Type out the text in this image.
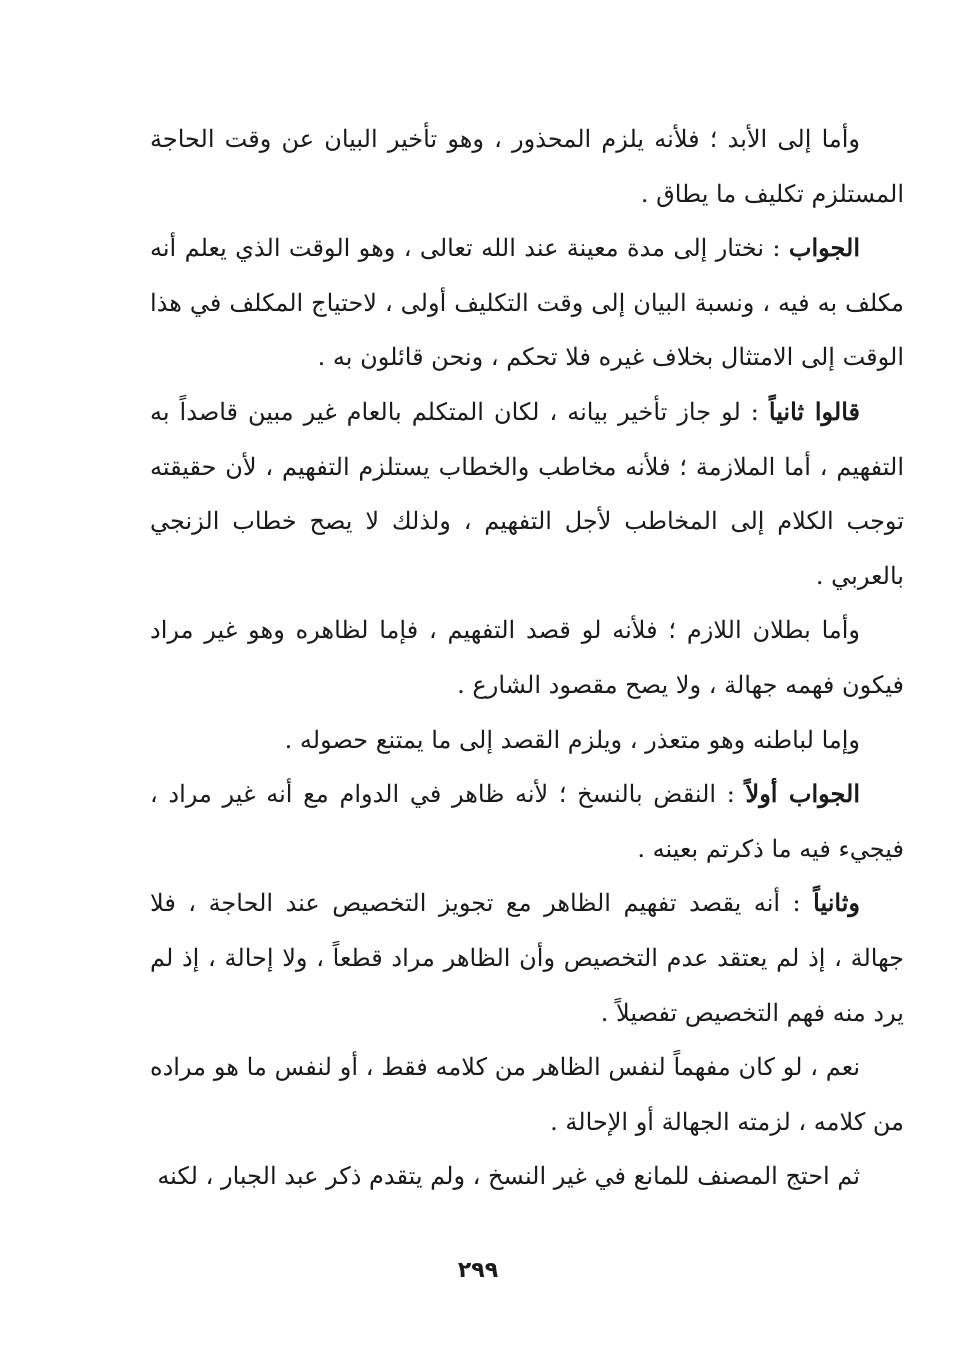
وأما إلى الأبد ؛ فلأنه يلزم المحذور ، وهو تأخير البيان عن وقت الحاجة المستلزم تكليف ما يطاق .

الجواب : نختار إلى مدة معينة عند الله تعالى ، وهو الوقت الذي يعلم أنه مكلف به فيه ، ونسبة البيان إلى وقت التكليف أولى ، لاحتياج المكلف في هذا الوقت إلى الامتثال بخلاف غيره فلا تحكم ، ونحن قائلون به .

قالوا ثانياً : لو جاز تأخير بيانه ، لكان المتكلم بالعام غير مبين قاصداً به التفهيم ، أما الملازمة ؛ فلأنه مخاطب والخطاب يستلزم التفهيم ، لأن حقيقته توجب الكلام إلى المخاطب لأجل التفهيم ، ولذلك لا يصح خطاب الزنجي بالعربي .

وأما بطلان اللازم ؛ فلأنه لو قصد التفهيم ، فإما لظاهره وهو غير مراد فيكون فهمه جهالة ، ولا يصح مقصود الشارع .

وإما لباطنه وهو متعذر ، ويلزم القصد إلى ما يمتنع حصوله .

الجواب أولاً : النقض بالنسخ ؛ لأنه ظاهر في الدوام مع أنه غير مراد ، فيجيء فيه ما ذكرتم بعينه .

وثانياً : أنه يقصد تفهيم الظاهر مع تجويز التخصيص عند الحاجة ، فلا جهالة ، إذ لم يعتقد عدم التخصيص وأن الظاهر مراد قطعاً ، ولا إحالة ، إذ لم يرد منه فهم التخصيص تفصيلاً .

نعم ، لو كان مفهماً لنفس الظاهر من كلامه فقط ، أو لنفس ما هو مراده من كلامه ، لزمته الجهالة أو الإحالة .

ثم احتج المصنف للمانع في غير النسخ ، ولم يتقدم ذكر عبد الجبار ، لكنه

٢٩٩
